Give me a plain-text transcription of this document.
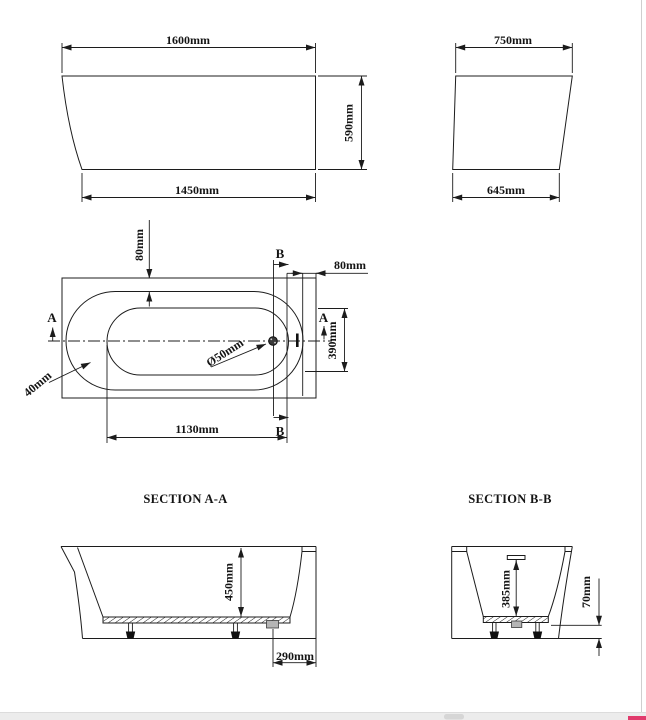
1600mm
590mm
1450mm
750mm
645mm
80mm	B
B
80mm
A	A
390mm
Ø50mm
40mm
1130mm
SECTION A-A
450mm
290mm
SECTION B-B
385mm	70mm
